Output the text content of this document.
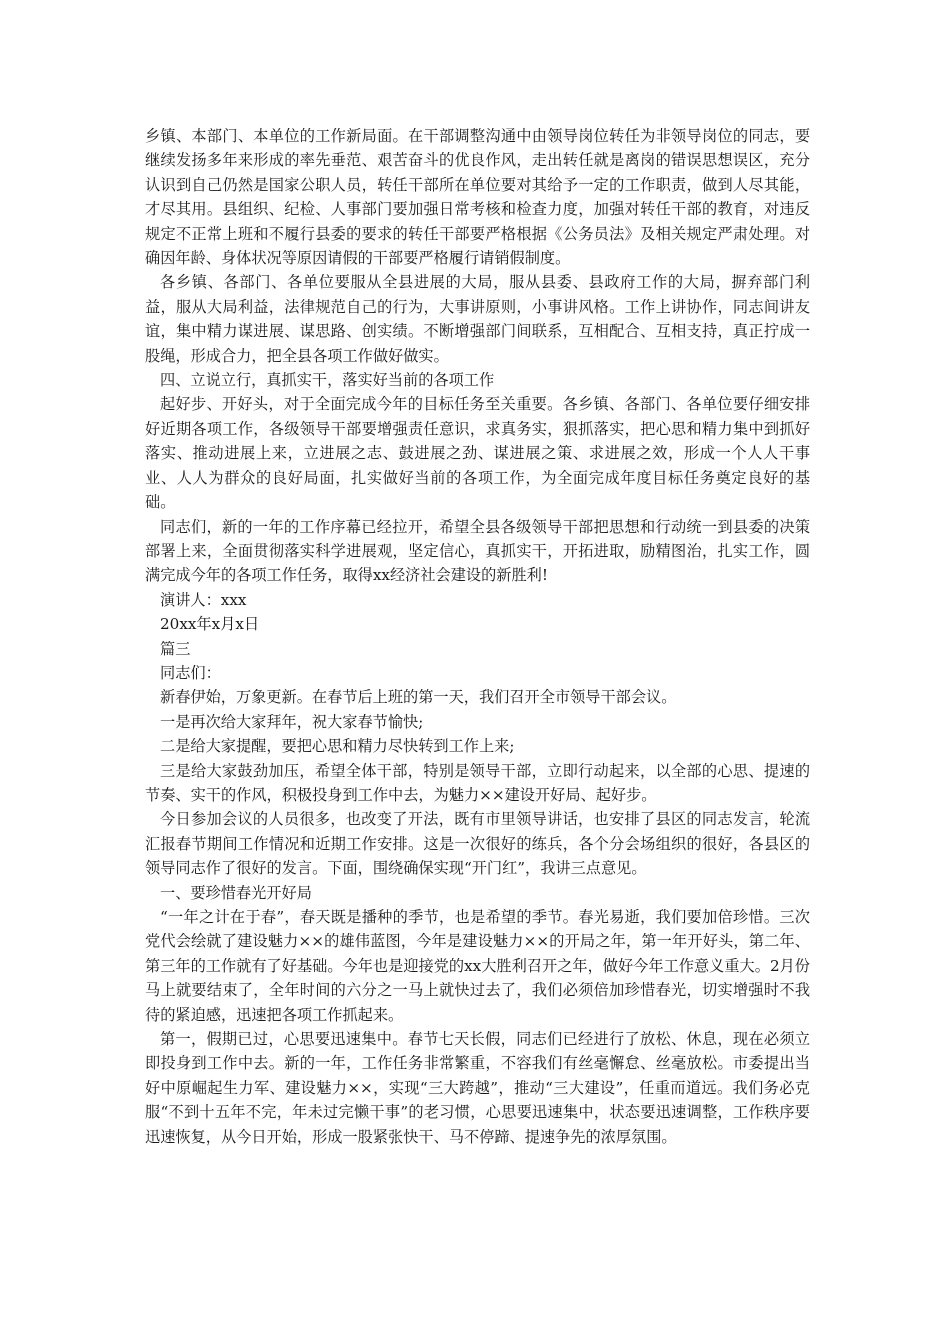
乡镇、本部门、本单位的工作新局面。在干部调整沟通中由领导岗位转任为非领导岗位的同志，要继续发扬多年来形成的率先垂范、艰苦奋斗的优良作风，走出转任就是离岗的错误思想误区，充分认识到自己仍然是国家公职人员，转任干部所在单位要对其给予一定的工作职责，做到人尽其能，才尽其用。县组织、纪检、人事部门要加强日常考核和检查力度，加强对转任干部的教育，对违反规定不正常上班和不履行县委的要求的转任干部要严格根据《公务员法》及相关规定严肃处理。对确因年龄、身体状况等原因请假的干部要严格履行请销假制度。

各乡镇、各部门、各单位要服从全县进展的大局，服从县委、县政府工作的大局，摒弃部门利益，服从大局利益，法律规范自己的行为，大事讲原则，小事讲风格。工作上讲协作，同志间讲友谊，集中精力谋进展、谋思路、创实绩。不断增强部门间联系，互相配合、互相支持，真正拧成一股绳，形成合力，把全县各项工作做好做实。

四、立说立行，真抓实干，落实好当前的各项工作

起好步、开好头，对于全面完成今年的目标任务至关重要。各乡镇、各部门、各单位要仔细安排好近期各项工作，各级领导干部要增强责任意识，求真务实，狠抓落实，把心思和精力集中到抓好落实、推动进展上来，立进展之志、鼓进展之劲、谋进展之策、求进展之效，形成一个人人干事业、人人为群众的良好局面，扎实做好当前的各项工作，为全面完成年度目标任务奠定良好的基础。

同志们，新的一年的工作序幕已经拉开，希望全县各级领导干部把思想和行动统一到县委的决策部署上来，全面贯彻落实科学进展观，坚定信心，真抓实干，开拓进取，励精图治，扎实工作，圆满完成今年的各项工作任务，取得xx经济社会建设的新胜利!

演讲人：xxx

20xx年x月x日

篇三

同志们：

新春伊始，万象更新。在春节后上班的第一天，我们召开全市领导干部会议。

一是再次给大家拜年，祝大家春节愉快;

二是给大家提醒，要把心思和精力尽快转到工作上来;

三是给大家鼓劲加压，希望全体干部，特别是领导干部，立即行动起来，以全部的心思、提速的节奏、实干的作风，积极投身到工作中去，为魅力××建设开好局、起好步。

今日参加会议的人员很多，也改变了开法，既有市里领导讲话，也安排了县区的同志发言，轮流汇报春节期间工作情况和近期工作安排。这是一次很好的练兵，各个分会场组织的很好，各县区的领导同志作了很好的发言。下面，围绕确保实现“开门红”，我讲三点意见。

一、要珍惜春光开好局

“一年之计在于春”，春天既是播种的季节，也是希望的季节。春光易逝，我们要加倍珍惜。三次党代会绘就了建设魅力××的雄伟蓝图，今年是建设魅力××的开局之年，第一年开好头，第二年、第三年的工作就有了好基础。今年也是迎接党的xx大胜利召开之年，做好今年工作意义重大。2月份马上就要结束了，全年时间的六分之一马上就快过去了，我们必须倍加珍惜春光，切实增强时不我待的紧迫感，迅速把各项工作抓起来。

第一，假期已过，心思要迅速集中。春节七天长假，同志们已经进行了放松、休息，现在必须立即投身到工作中去。新的一年，工作任务非常繁重，不容我们有丝毫懈怠、丝毫放松。市委提出当好中原崛起生力军、建设魅力××，实现“三大跨越”，推动“三大建设”，任重而道远。我们务必克服“不到十五年不完，年未过完懒干事”的老习惯，心思要迅速集中，状态要迅速调整，工作秩序要迅速恢复，从今日开始，形成一股紧张快干、马不停蹄、提速争先的浓厚氛围。
